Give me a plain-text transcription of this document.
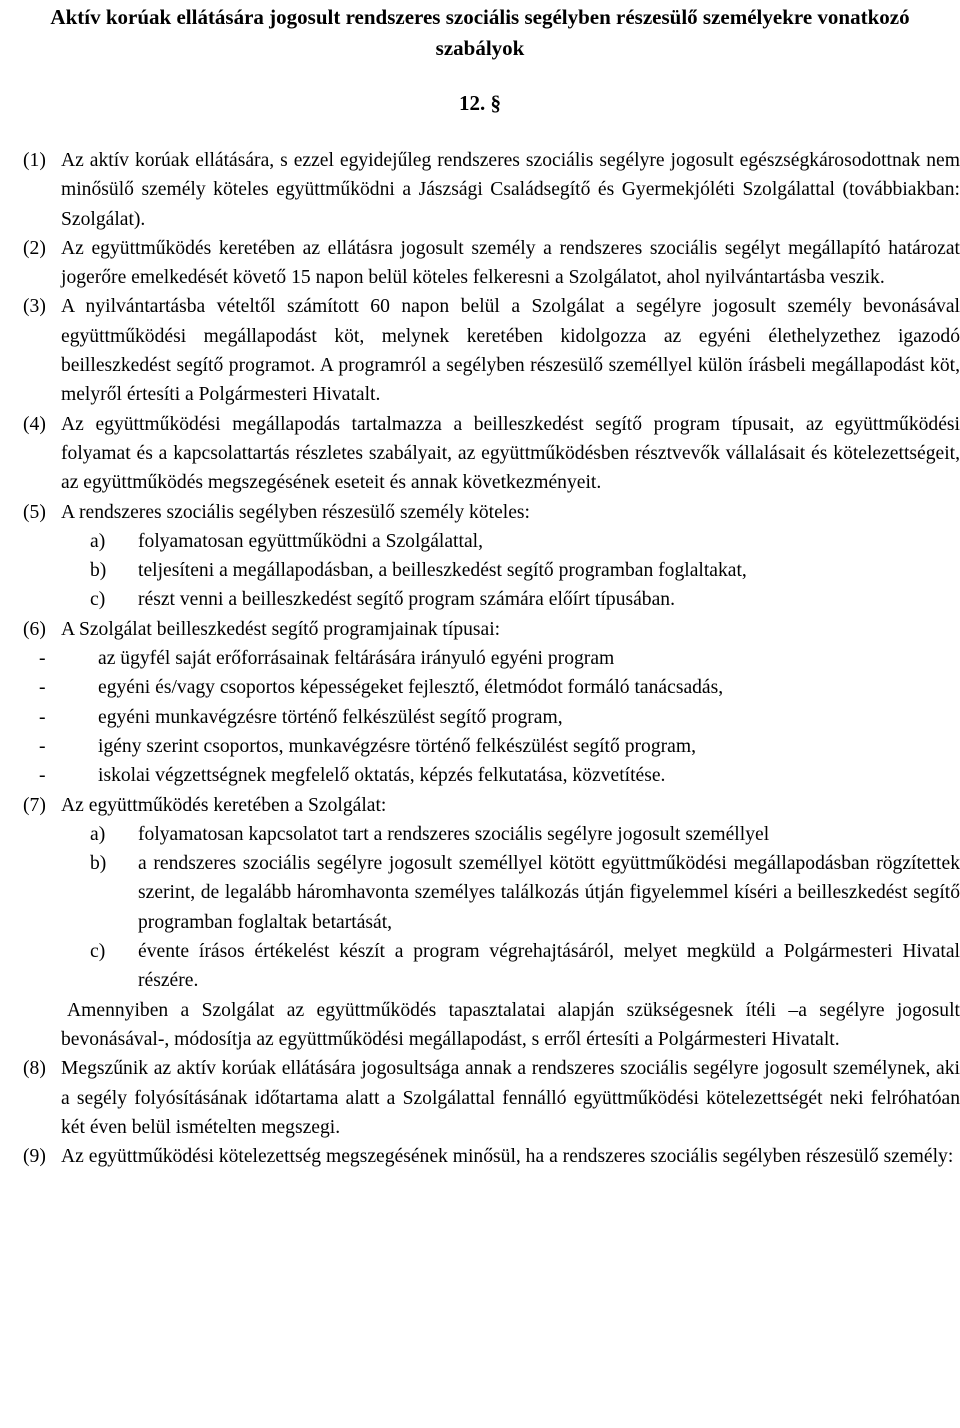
Aktív korúak ellátására jogosult rendszeres szociális segélyben részesülő személyekre vonatkozó szabályok
12. §

(1) Az aktív korúak ellátására, s ezzel egyidejűleg rendszeres szociális segélyre jogosult egészségkárosodottnak nem minősülő személy köteles együttműködni a Jászsági Családsegítő és Gyermekjóléti Szolgálattal (továbbiakban: Szolgálat).

(2) Az együttműködés keretében az ellátásra jogosult személy a rendszeres szociális segélyt megállapító határozat jogerőre emelkedését követő 15 napon belül köteles felkeresni a Szolgálatot, ahol nyilvántartásba veszik.

(3) A nyilvántartásba vételtől számított 60 napon belül a Szolgálat a segélyre jogosult személy bevonásával együttműködési megállapodást köt, melynek keretében kidolgozza az egyéni élethelyzethez igazodó beilleszkedést segítő programot. A programról a segélyben részesülő személlyel külön írásbeli megállapodást köt, melyről értesíti a Polgármesteri Hivatalt.

(4) Az együttműködési megállapodás tartalmazza a beilleszkedést segítő program típusait, az együttműködési folyamat és a kapcsolattartás részletes szabályait, az együttműködésben résztvevők vállalásait és kötelezettségeit, az együttműködés megszegésének eseteit és annak következményeit.

(5) A rendszeres szociális segélyben részesülő személy köteles:

a) folyamatosan együttműködni a Szolgálattal,
b) teljesíteni a megállapodásban, a beilleszkedést segítő programban foglaltakat,
c) részt venni a beilleszkedést segítő program számára előírt típusában.

(6) A Szolgálat beilleszkedést segítő programjainak típusai:

-	az ügyfél saját erőforrásainak feltárására irányuló egyéni program
-	egyéni és/vagy csoportos képességeket fejlesztő, életmódot formáló tanácsadás,
-	egyéni munkavégzésre történő felkészülést segítő program,
-	igény szerint csoportos, munkavégzésre történő felkészülést segítő program,
-	iskolai végzettségnek megfelelő oktatás, képzés felkutatása, közvetítése.

(7) Az együttműködés keretében a Szolgálat:

a) folyamatosan kapcsolatot tart a rendszeres szociális segélyre jogosult személlyel
b) a rendszeres szociális segélyre jogosult személlyel kötött együttműködési megállapodásban rögzítettek szerint, de legalább háromhavonta személyes találkozás útján figyelemmel kíséri a beilleszkedést segítő programban foglaltak betartását,
c) évente írásos értékelést készít a program végrehajtásáról, melyet megküld a Polgármesteri Hivatal részére.

Amennyiben a Szolgálat az együttműködés tapasztalatai alapján szükségesnek ítéli –a segélyre jogosult bevonásával-, módosítja az együttműködési megállapodást, s erről értesíti a Polgármesteri Hivatalt.

(8) Megszűnik az aktív korúak ellátására jogosultsága annak a rendszeres szociális segélyre jogosult személynek, aki a segély folyósításának időtartama alatt a Szolgálattal fennálló együttműködési kötelezettségét neki felróhatóan két éven belül ismételten megszegi.

(9) Az együttműködési kötelezettség megszegésének minősül, ha a rendszeres szociális segélyben részesülő személy:
